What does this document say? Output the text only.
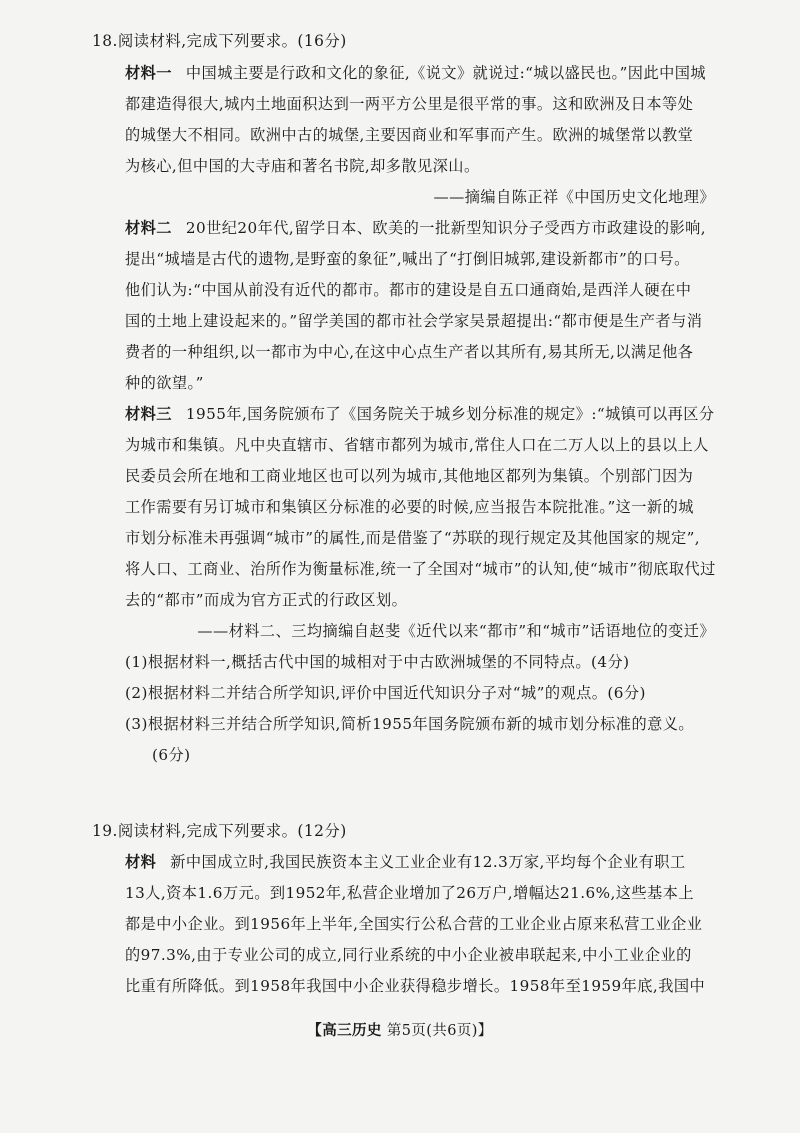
18.阅读材料,完成下列要求。(16分)
材料一 中国城主要是行政和文化的象征,《说文》就说过:“城以盛民也。”因此中国城
都建造得很大,城内土地面积达到一两平方公里是很平常的事。这和欧洲及日本等处
的城堡大不相同。欧洲中古的城堡,主要因商业和军事而产生。欧洲的城堡常以教堂
为核心,但中国的大寺庙和著名书院,却多散见深山。
——摘编自陈正祥《中国历史文化地理》
材料二 20世纪20年代,留学日本、欧美的一批新型知识分子受西方市政建设的影响,
提出“城墙是古代的遗物,是野蛮的象征”,喊出了“打倒旧城郭,建设新都市”的口号。
他们认为:“中国从前没有近代的都市。都市的建设是自五口通商始,是西洋人硬在中
国的土地上建设起来的。”留学美国的都市社会学家吴景超提出:“都市便是生产者与消
费者的一种组织,以一都市为中心,在这中心点生产者以其所有,易其所无,以满足他各
种的欲望。”
材料三 1955年,国务院颁布了《国务院关于城乡划分标准的规定》:“城镇可以再区分
为城市和集镇。凡中央直辖市、省辖市都列为城市,常住人口在二万人以上的县以上人
民委员会所在地和工商业地区也可以列为城市,其他地区都列为集镇。个别部门因为
工作需要有另订城市和集镇区分标准的必要的时候,应当报告本院批准。”这一新的城
市划分标准未再强调“城市”的属性,而是借鉴了“苏联的现行规定及其他国家的规定”,
将人口、工商业、治所作为衡量标准,统一了全国对“城市”的认知,使“城市”彻底取代过
去的“都市”而成为官方正式的行政区划。
——材料二、三均摘编自赵斐《近代以来“都市”和“城市”话语地位的变迁》
(1)根据材料一,概括古代中国的城相对于中古欧洲城堡的不同特点。(4分)
(2)根据材料二并结合所学知识,评价中国近代知识分子对“城”的观点。(6分)
(3)根据材料三并结合所学知识,简析1955年国务院颁布新的城市划分标准的意义。
(6分)
19.阅读材料,完成下列要求。(12分)
材料 新中国成立时,我国民族资本主义工业企业有12.3万家,平均每个企业有职工
13人,资本1.6万元。到1952年,私营企业增加了26万户,增幅达21.6%,这些基本上
都是中小企业。到1956年上半年,全国实行公私合营的工业企业占原来私营工业企业
的97.3%,由于专业公司的成立,同行业系统的中小企业被串联起来,中小工业企业的
比重有所降低。到1958年我国中小企业获得稳步增长。1958年至1959年底,我国中
【高三历史 第5页(共6页)】
